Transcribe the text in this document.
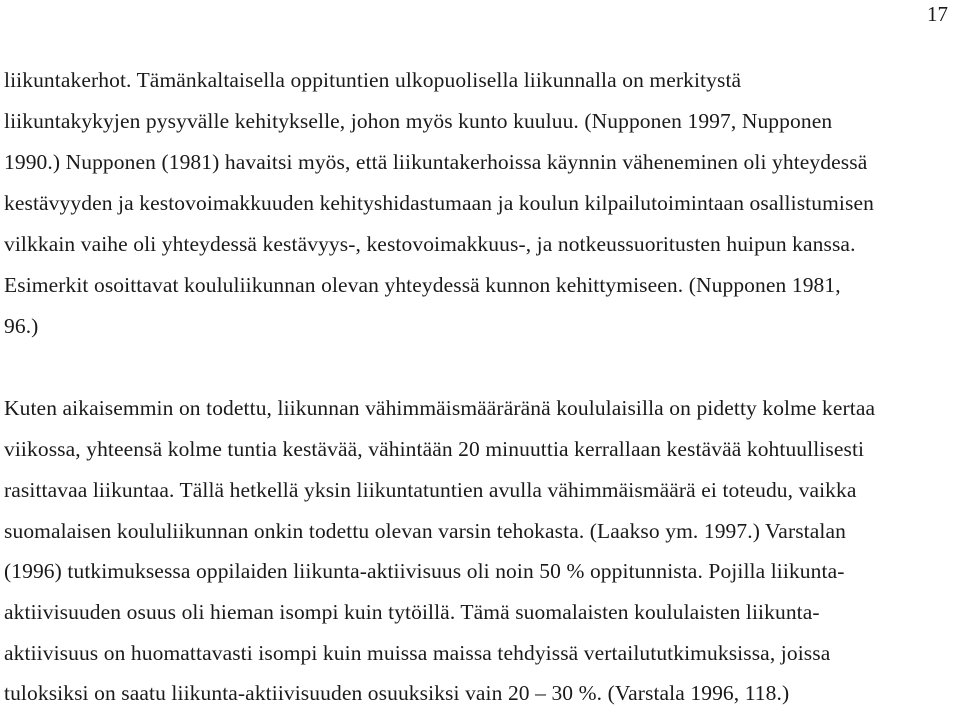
17
liikuntakerhot. Tämänkaltaisella oppituntien ulkopuolisella liikunnalla on merkitystä
liikuntakykyjen pysyvälle kehitykselle, johon myös kunto kuuluu. (Nupponen 1997, Nupponen
1990.) Nupponen (1981) havaitsi myös, että liikuntakerhoissa käynnin väheneminen oli yhteydessä
kestävyyden ja kestovoimakkuuden kehityshidastumaan ja koulun kilpailutoimintaan osallistumisen
vilkkain vaihe oli yhteydessä kestävyys-, kestovoimakkuus-, ja notkeussuoritusten huipun kanssa.
Esimerkit osoittavat koululiikunnan olevan yhteydessä kunnon kehittymiseen. (Nupponen 1981,
96.)
Kuten aikaisemmin on todettu, liikunnan vähimmäismääräränä koululaisilla on pidetty kolme kertaa
viikossa, yhteensä kolme tuntia kestävää, vähintään 20 minuuttia kerrallaan kestävää kohtuullisesti
rasittavaa liikuntaa. Tällä hetkellä yksin liikuntatuntien avulla vähimmäismäärä ei toteudu, vaikka
suomalaisen koululiikunnan onkin todettu olevan varsin tehokasta. (Laakso ym. 1997.) Varstalan
(1996) tutkimuksessa oppilaiden liikunta-aktiivisuus oli noin 50 % oppitunnista. Pojilla liikunta-
aktiivisuuden osuus oli hieman isompi kuin tytöillä. Tämä suomalaisten koululaisten liikunta-
aktiivisuus on huomattavasti isompi kuin muissa maissa tehdyissä vertailututkimuksissa, joissa
tuloksiksi on saatu liikunta-aktiivisuuden osuuksiksi vain 20 – 30 %. (Varstala 1996, 118.)
